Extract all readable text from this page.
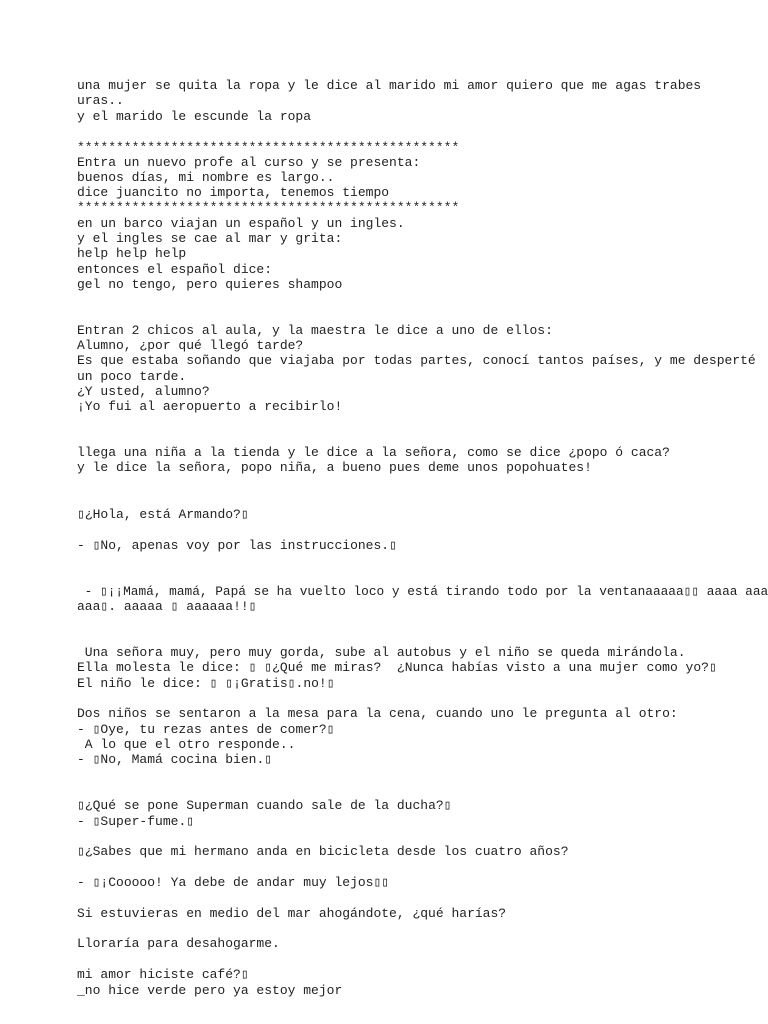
una mujer se quita la ropa y le dice al marido mi amor quiero que me agas trabes
uras..
y el marido le escunde la ropa
*************************************************
Entra un nuevo profe al curso y se presenta:
buenos días, mi nombre es largo..
dice juancito no importa, tenemos tiempo
*************************************************
en un barco viajan un español y un ingles.
y el ingles se cae al mar y grita:
help help help
entonces el español dice:
gel no tengo, pero quieres shampoo
Entran 2 chicos al aula, y la maestra le dice a uno de ellos:
Alumno, ¿por qué llegó tarde?
Es que estaba soñando que viajaba por todas partes, conocí tantos países, y me desperté
un poco tarde.
¿Y usted, alumno?
¡Yo fui al aeropuerto a recibirlo!
llega una niña a la tienda y le dice a la señora, como se dice ¿popo ó caca?
y le dice la señora, popo niña, a bueno pues deme unos popohuates!
▯¿Hola, está Armando?▯
- ▯No, apenas voy por las instrucciones.▯
- ▯¡¡Mamá, mamá, Papá se ha vuelto loco y está tirando todo por la ventanaaaaa▯▯ aaaa aaa
aaa▯. aaaaa ▯ aaaaaa!!▯
Una señora muy, pero muy gorda, sube al autobus y el niño se queda mirándola.
Ella molesta le dice: ▯ ▯¿Qué me miras?  ¿Nunca habías visto a una mujer como yo?▯
El niño le dice: ▯ ▯¡Gratis▯.no!▯
Dos niños se sentaron a la mesa para la cena, cuando uno le pregunta al otro:
- ▯Oye, tu rezas antes de comer?▯
A lo que el otro responde..
- ▯No, Mamá cocina bien.▯
▯¿Qué se pone Superman cuando sale de la ducha?▯
- ▯Super-fume.▯
▯¿Sabes que mi hermano anda en bicicleta desde los cuatro años?
- ▯¡Cooooo! Ya debe de andar muy lejos▯▯
Si estuvieras en medio del mar ahogándote, ¿qué harías?
Lloraría para desahogarme.
mi amor hiciste café?▯
_no hice verde pero ya estoy mejor
